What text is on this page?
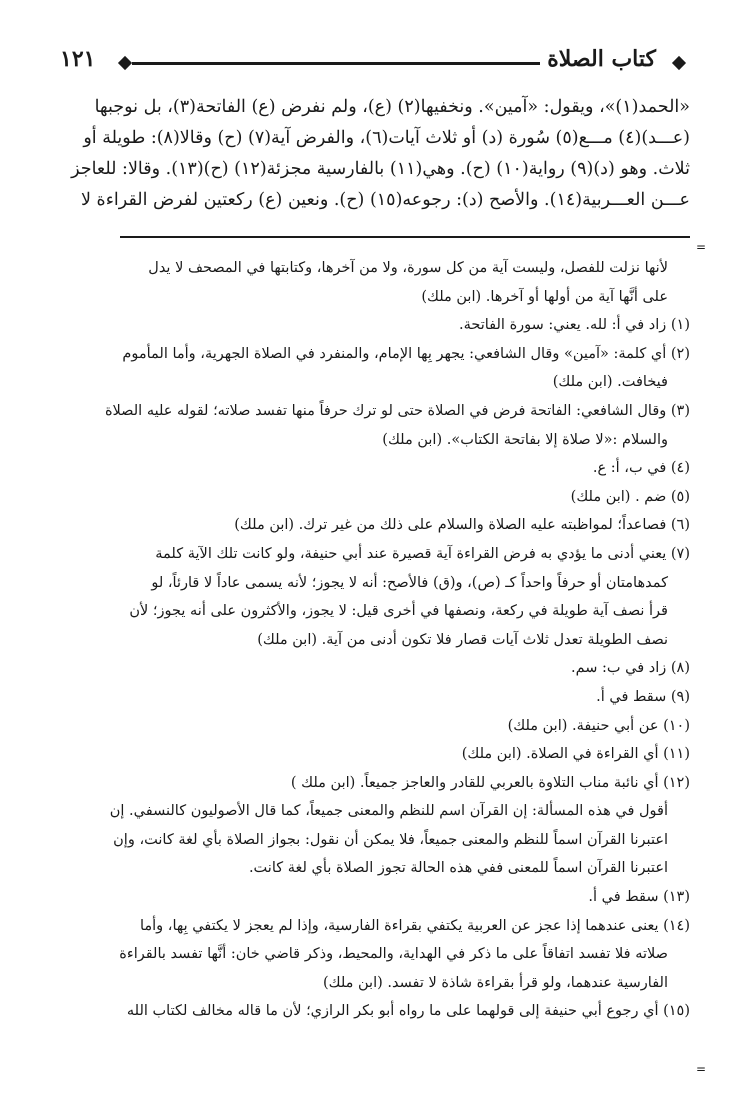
كتاب الصلاة
١٢١
«الحمد(١)»، ويقول: «آمين». ونخفيها(٢) (ع)، ولم نفرض (ع) الفاتحة(٣)، بل نوجبها
(عـــد)(٤) مـــع(٥) سُورة (د) أو ثلاث آيات(٦)، والفرض آية(٧) (ح) وقالا(٨): طويلة أو
ثلاث. وهو (د)(٩) رواية(١٠) (ح). وهي(١١) بالفارسية مجزئة(١٢) (ح)(١٣). وقالا: للعاجز
عـــن العـــربية(١٤). والأصح (د): رجوعه(١٥) (ح). ونعين (ع) ركعتين لفرض القراءة لا
=
لأنها نزلت للفصل، وليست آية من كل سورة، ولا من آخرها، وكتابتها في المصحف لا يدل
على أنَّها آية من أولها أو آخرها. (ابن ملك)
(١) زاد في أ: لله. يعني: سورة الفاتحة.
(٢) أي كلمة: «آمين» وقال الشافعي: يجهر بِها الإمام، والمنفرد في الصلاة الجهرية، وأما المأموم
فيخافت. (ابن ملك)
(٣) وقال الشافعي: الفاتحة فرض في الصلاة حتى لو ترك حرفاً منها تفسد صلاته؛ لقوله عليه الصلاة
والسلام :«لا صلاة إلا بفاتحة الكتاب». (ابن ملك)
(٤) في ب، أ: ع.
(٥) ضم . (ابن ملك)
(٦) فصاعداً؛ لمواظبته عليه الصلاة والسلام على ذلك من غير ترك. (ابن ملك)
(٧) يعني أدنى ما يؤدي به فرض القراءة آية قصيرة عند أبي حنيفة، ولو كانت تلك الآية كلمة
كمدهامتان أو حرفاً واحداً كـ (ص)، و(ق) فالأصح: أنه لا يجوز؛ لأنه يسمى عاداً لا قارئاً، لو
قرأ نصف آية طويلة في ركعة، ونصفها في أخرى قيل: لا يجوز، والأكثرون على أنه يجوز؛ لأن
نصف الطويلة تعدل ثلاث آيات قصار فلا تكون أدنى من آية. (ابن ملك)
(٨) زاد في ب: سم.
(٩) سقط في أ.
(١٠) عن أبي حنيفة. (ابن ملك)
(١١) أي القراءة في الصلاة. (ابن ملك)
(١٢) أي نائبة مناب التلاوة بالعربي للقادر والعاجز جميعاً. (ابن ملك )
أقول في هذه المسألة: إن القرآن اسم للنظم والمعنى جميعاً، كما قال الأصوليون كالنسفي. إن
اعتبرنا القرآن اسماً للنظم والمعنى جميعاً، فلا يمكن أن نقول: بجواز الصلاة بأي لغة كانت، وإن
اعتبرنا القرآن اسماً للمعنى ففي هذه الحالة تجوز الصلاة بأي لغة كانت.
(١٣) سقط في أ.
(١٤) يعنى عندهما إذا عجز عن العربية يكتفي بقراءة الفارسية، وإذا لم يعجز لا يكتفي بِها، وأما
صلاته فلا تفسد اتفاقاً على ما ذكر في الهداية، والمحيط، وذكر قاضي خان: أنَّها تفسد بالقراءة
الفارسية عندهما، ولو قرأ بقراءة شاذة لا تفسد. (ابن ملك)
(١٥) أي رجوع أبي حنيفة إلى قولهما على ما رواه أبو بكر الرازي؛ لأن ما قاله مخالف لكتاب الله
=
